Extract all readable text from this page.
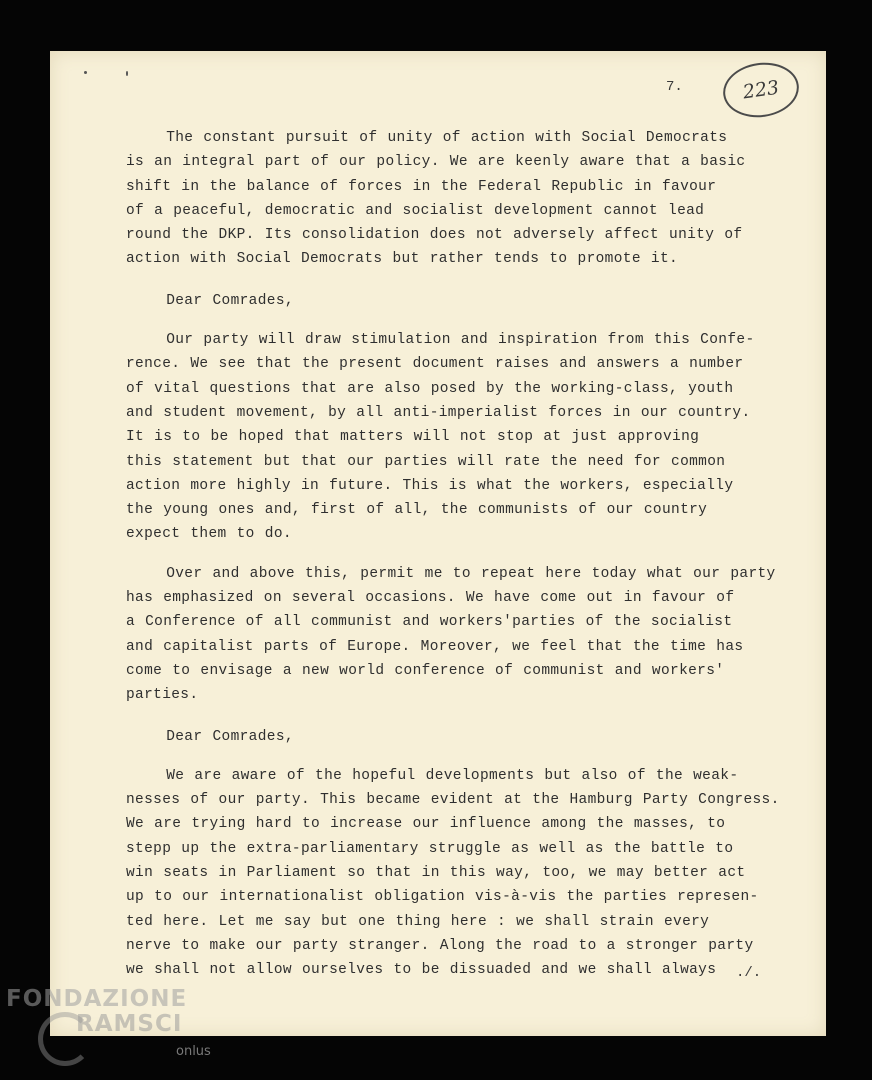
7.	223
The constant pursuit of unity of action with Social Democrats
is an integral part of our policy. We are keenly aware that a basic
shift in the balance of forces in the Federal Republic in favour
of a peaceful, democratic and socialist development cannot lead
round the DKP. Its consolidation does not adversely affect unity of
action with Social Democrats but rather tends to promote it.
Dear Comrades,
Our party will draw stimulation and inspiration from this Confe-
rence. We see that the present document raises and answers a number
of vital questions that are also posed by the working-class, youth
and student movement, by all anti-imperialist forces in our country.
It is to be hoped that matters will not stop at just approving
this statement but that our parties will rate the need for common
action more highly in future. This is what the workers, especially
the young ones and, first of all, the communists of our country
expect them to do.
Over and above this, permit me to repeat here today what our party
has emphasized on several occasions. We have come out in favour of
a Conference of all communist and workers'parties of the socialist
and capitalist parts of Europe. Moreover, we feel that the time has
come to envisage a new world conference of communist and workers'
parties.
Dear Comrades,
We are aware of the hopeful developments but also of the weak-
nesses of our party. This became evident at the Hamburg Party Congress.
We are trying hard to increase our influence among the masses, to
stepp up the extra-parliamentary struggle as well as the battle to
win seats in Parliament so that in this way, too, we may better act
up to our internationalist obligation vis-à-vis the parties represen-
ted here. Let me say but one thing here : we shall strain every
nerve to make our party stranger. Along the road to a stronger party
we shall not allow ourselves to be dissuaded and we shall always	./.
FONDAZIONE
RAMSCI
onlus
